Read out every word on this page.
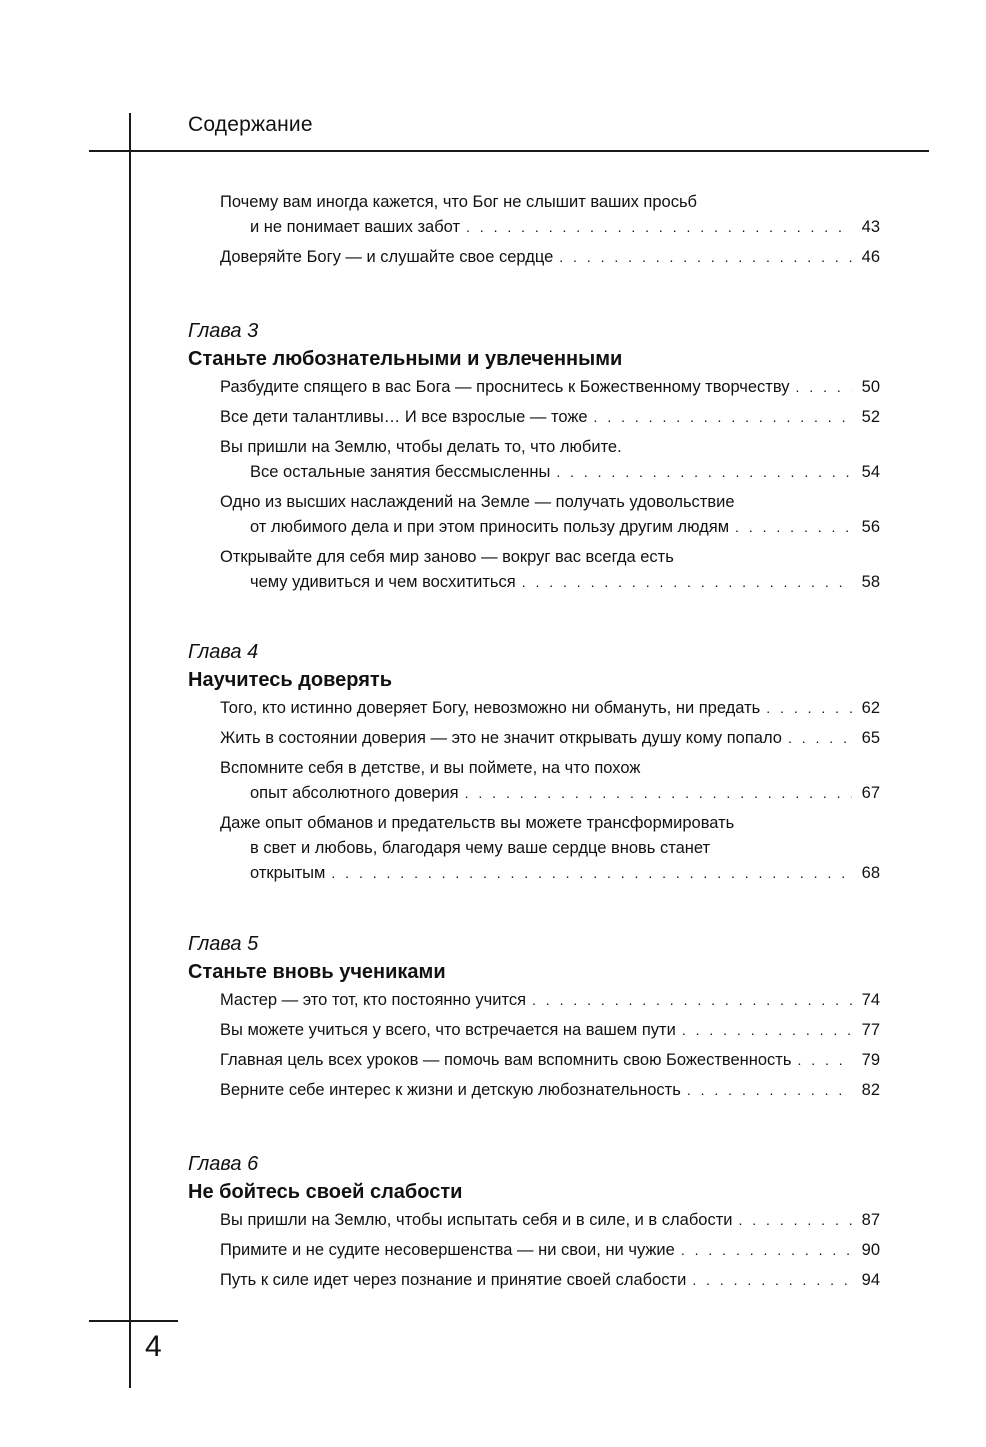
Содержание
4
Почему вам иногда кажется, что Бог не слышит ваших просьб
и не понимает ваших забот . . .	43
Доверяйте Богу — и слушайте свое сердце . . .	46
Глава 3
Станьте любознательными и увлеченными
Разбудите спящего в вас Бога — проснитесь к Божественному творчеству . . .	50
Все дети талантливы… И все взрослые — тоже . . .	52
Вы пришли на Землю, чтобы делать то, что любите.
Все остальные занятия бессмысленны . . .	54
Одно из высших наслаждений на Земле — получать удовольствие
от любимого дела и при этом приносить пользу другим людям . . .	56
Открывайте для себя мир заново — вокруг вас всегда есть
чему удивиться и чем восхититься . . .	58
Глава 4
Научитесь доверять
Того, кто истинно доверяет Богу, невозможно ни обмануть, ни предать . . .	62
Жить в состоянии доверия — это не значит открывать душу кому попало . . .	65
Вспомните себя в детстве, и вы поймете, на что похож
опыт абсолютного доверия . . .	67
Даже опыт обманов и предательств вы можете трансформировать
в свет и любовь, благодаря чему ваше сердце вновь станет
открытым . . .	68
Глава 5
Станьте вновь учениками
Мастер — это тот, кто постоянно учится . . .	74
Вы можете учиться у всего, что встречается на вашем пути . . .	77
Главная цель всех уроков — помочь вам вспомнить свою Божественность . . .	79
Верните себе интерес к жизни и детскую любознательность . . .	82
Глава 6
Не бойтесь своей слабости
Вы пришли на Землю, чтобы испытать себя и в силе, и в слабости . . .	87
Примите и не судите несовершенства — ни свои, ни чужие . . .	90
Путь к силе идет через познание и принятие своей слабости . . .	94
